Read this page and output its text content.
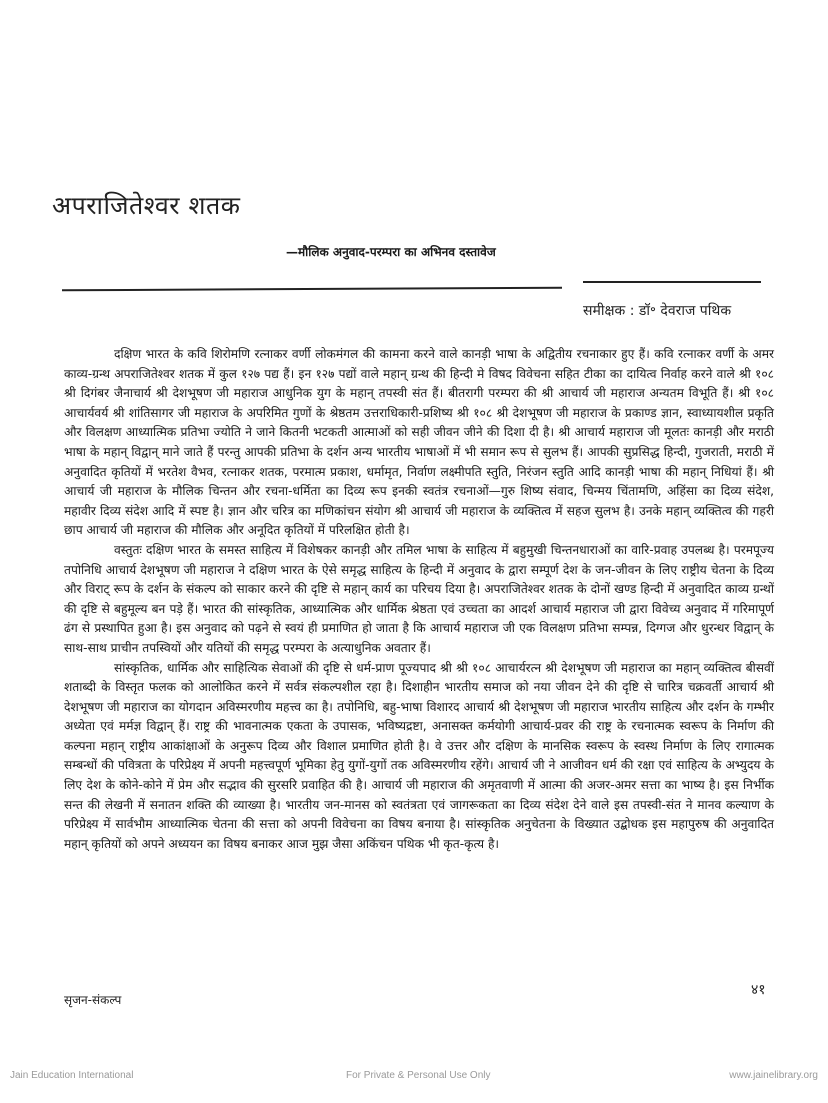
अपराजितेश्वर शतक
—मौलिक अनुवाद-परम्परा का अभिनव दस्तावेज
समीक्षक : डॉ॰ देवराज पथिक

दक्षिण भारत के कवि शिरोमणि रत्नाकर वर्णी लोकमंगल की कामना करने वाले कानड़ी भाषा के अद्वितीय रचनाकार हुए हैं। कवि रत्नाकर वर्णी के अमर काव्य-ग्रन्थ अपराजितेश्वर शतक में कुल १२७ पद्य हैं। इन १२७ पद्यों वाले महान् ग्रन्थ की हिन्दी मे विषद विवेचना सहित टीका का दायित्व निर्वाह करने वाले श्री १०८ श्री दिगंबर जैनाचार्य श्री देशभूषण जी महाराज आधुनिक युग के महान् तपस्वी संत हैं। बीतरागी परम्परा की श्री आचार्य जी महाराज अन्यतम विभूति हैं। श्री १०८ आचार्यवर्य श्री शांतिसागर जी महाराज के अपरिमित गुणों के श्रेष्ठतम उत्तराधिकारी-प्रशिष्य श्री १०८ श्री देशभूषण जी महाराज के प्रकाण्ड ज्ञान, स्वाध्यायशील प्रकृति और विलक्षण आध्यात्मिक प्रतिभा ज्योति ने जाने कितनी भटकती आत्माओं को सही जीवन जीने की दिशा दी है। श्री आचार्य महाराज जी मूलतः कानड़ी और मराठी भाषा के महान् विद्वान् माने जाते हैं परन्तु आपकी प्रतिभा के दर्शन अन्य भारतीय भाषाओं में भी समान रूप से सुलभ हैं। आपकी सुप्रसिद्ध हिन्दी, गुजराती, मराठी में अनुवादित कृतियों में भरतेश वैभव, रत्नाकर शतक, परमात्म प्रकाश, धर्मामृत, निर्वाण लक्ष्मीपति स्तुति, निरंजन स्तुति आदि कानड़ी भाषा की महान् निधियां हैं। श्री आचार्य जी महाराज के मौलिक चिन्तन और रचना-धर्मिता का दिव्य रूप इनकी स्वतंत्र रचनाओं—गुरु शिष्य संवाद, चिन्मय चिंतामणि, अहिंसा का दिव्य संदेश, महावीर दिव्य संदेश आदि में स्पष्ट है। ज्ञान और चरित्र का मणिकांचन संयोग श्री आचार्य जी महाराज के व्यक्तित्व में सहज सुलभ है। उनके महान् व्यक्तित्व की गहरी छाप आचार्य जी महाराज की मौलिक और अनूदित कृतियों में परिलक्षित होती है।

वस्तुतः दक्षिण भारत के समस्त साहित्य में विशेषकर कानड़ी और तमिल भाषा के साहित्य में बहुमुखी चिन्तनधाराओं का वारि-प्रवाह उपलब्ध है। परमपूज्य तपोनिधि आचार्य देशभूषण जी महाराज ने दक्षिण भारत के ऐसे समृद्ध साहित्य के हिन्दी में अनुवाद के द्वारा सम्पूर्ण देश के जन-जीवन के लिए राष्ट्रीय चेतना के दिव्य और विराट् रूप के दर्शन के संकल्प को साकार करने की दृष्टि से महान् कार्य का परिचय दिया है। अपराजितेश्वर शतक के दोनों खण्ड हिन्दी में अनुवादित काव्य ग्रन्थों की दृष्टि से बहुमूल्य बन पड़े हैं। भारत की सांस्कृतिक, आध्यात्मिक और धार्मिक श्रेष्ठता एवं उच्चता का आदर्श आचार्य महाराज जी द्वारा विवेच्य अनुवाद में गरिमापूर्ण ढंग से प्रस्थापित हुआ है। इस अनुवाद को पढ़ने से स्वयं ही प्रमाणित हो जाता है कि आचार्य महाराज जी एक विलक्षण प्रतिभा सम्पन्न, दिग्गज और धुरन्धर विद्वान् के साथ-साथ प्राचीन तपस्वियों और यतियों की समृद्ध परम्परा के अत्याधुनिक अवतार हैं।

सांस्कृतिक, धार्मिक और साहित्यिक सेवाओं की दृष्टि से धर्म-प्राण पूज्यपाद श्री श्री १०८ आचार्यरत्न श्री देशभूषण जी महाराज का महान् व्यक्तित्व बीसवीं शताब्दी के विस्तृत फलक को आलोकित करने में सर्वत्र संकल्पशील रहा है। दिशाहीन भारतीय समाज को नया जीवन देने की दृष्टि से चारित्र चक्रवर्ती आचार्य श्री देशभूषण जी महाराज का योगदान अविस्मरणीय महत्त्व का है। तपोनिधि, बहु-भाषा विशारद आचार्य श्री देशभूषण जी महाराज भारतीय साहित्य और दर्शन के गम्भीर अध्येता एवं मर्मज्ञ विद्वान् हैं। राष्ट्र की भावनात्मक एकता के उपासक, भविष्यद्रष्टा, अनासक्त कर्मयोगी आचार्य-प्रवर की राष्ट्र के रचनात्मक स्वरूप के निर्माण की कल्पना महान् राष्ट्रीय आकांक्षाओं के अनुरूप दिव्य और विशाल प्रमाणित होती है। वे उत्तर और दक्षिण के मानसिक स्वरूप के स्वस्थ निर्माण के लिए रागात्मक सम्बन्धों की पवित्रता के परिप्रेक्ष्य में अपनी महत्त्वपूर्ण भूमिका हेतु युगों-युगों तक अविस्मरणीय रहेंगे। आचार्य जी ने आजीवन धर्म की रक्षा एवं साहित्य के अभ्युदय के लिए देश के कोने-कोने में प्रेम और सद्भाव की सुरसरि प्रवाहित की है। आचार्य जी महाराज की अमृतवाणी में आत्मा की अजर-अमर सत्ता का भाष्य है। इस निर्भीक सन्त की लेखनी में सनातन शक्ति की व्याख्या है। भारतीय जन-मानस को स्वतंत्रता एवं जागरूकता का दिव्य संदेश देने वाले इस तपस्वी-संत ने मानव कल्याण के परिप्रेक्ष्य में सार्वभौम आध्यात्मिक चेतना की सत्ता को अपनी विवेचना का विषय बनाया है। सांस्कृतिक अनुचेतना के विख्यात उद्बोधक इस महापुरुष की अनुवादित महान् कृतियों को अपने अध्ययन का विषय बनाकर आज मुझ जैसा अकिंचन पथिक भी कृत-कृत्य है।

सृजन-संकल्प
४१
Jain Education International	For Private & Personal Use Only	www.jainelibrary.org
